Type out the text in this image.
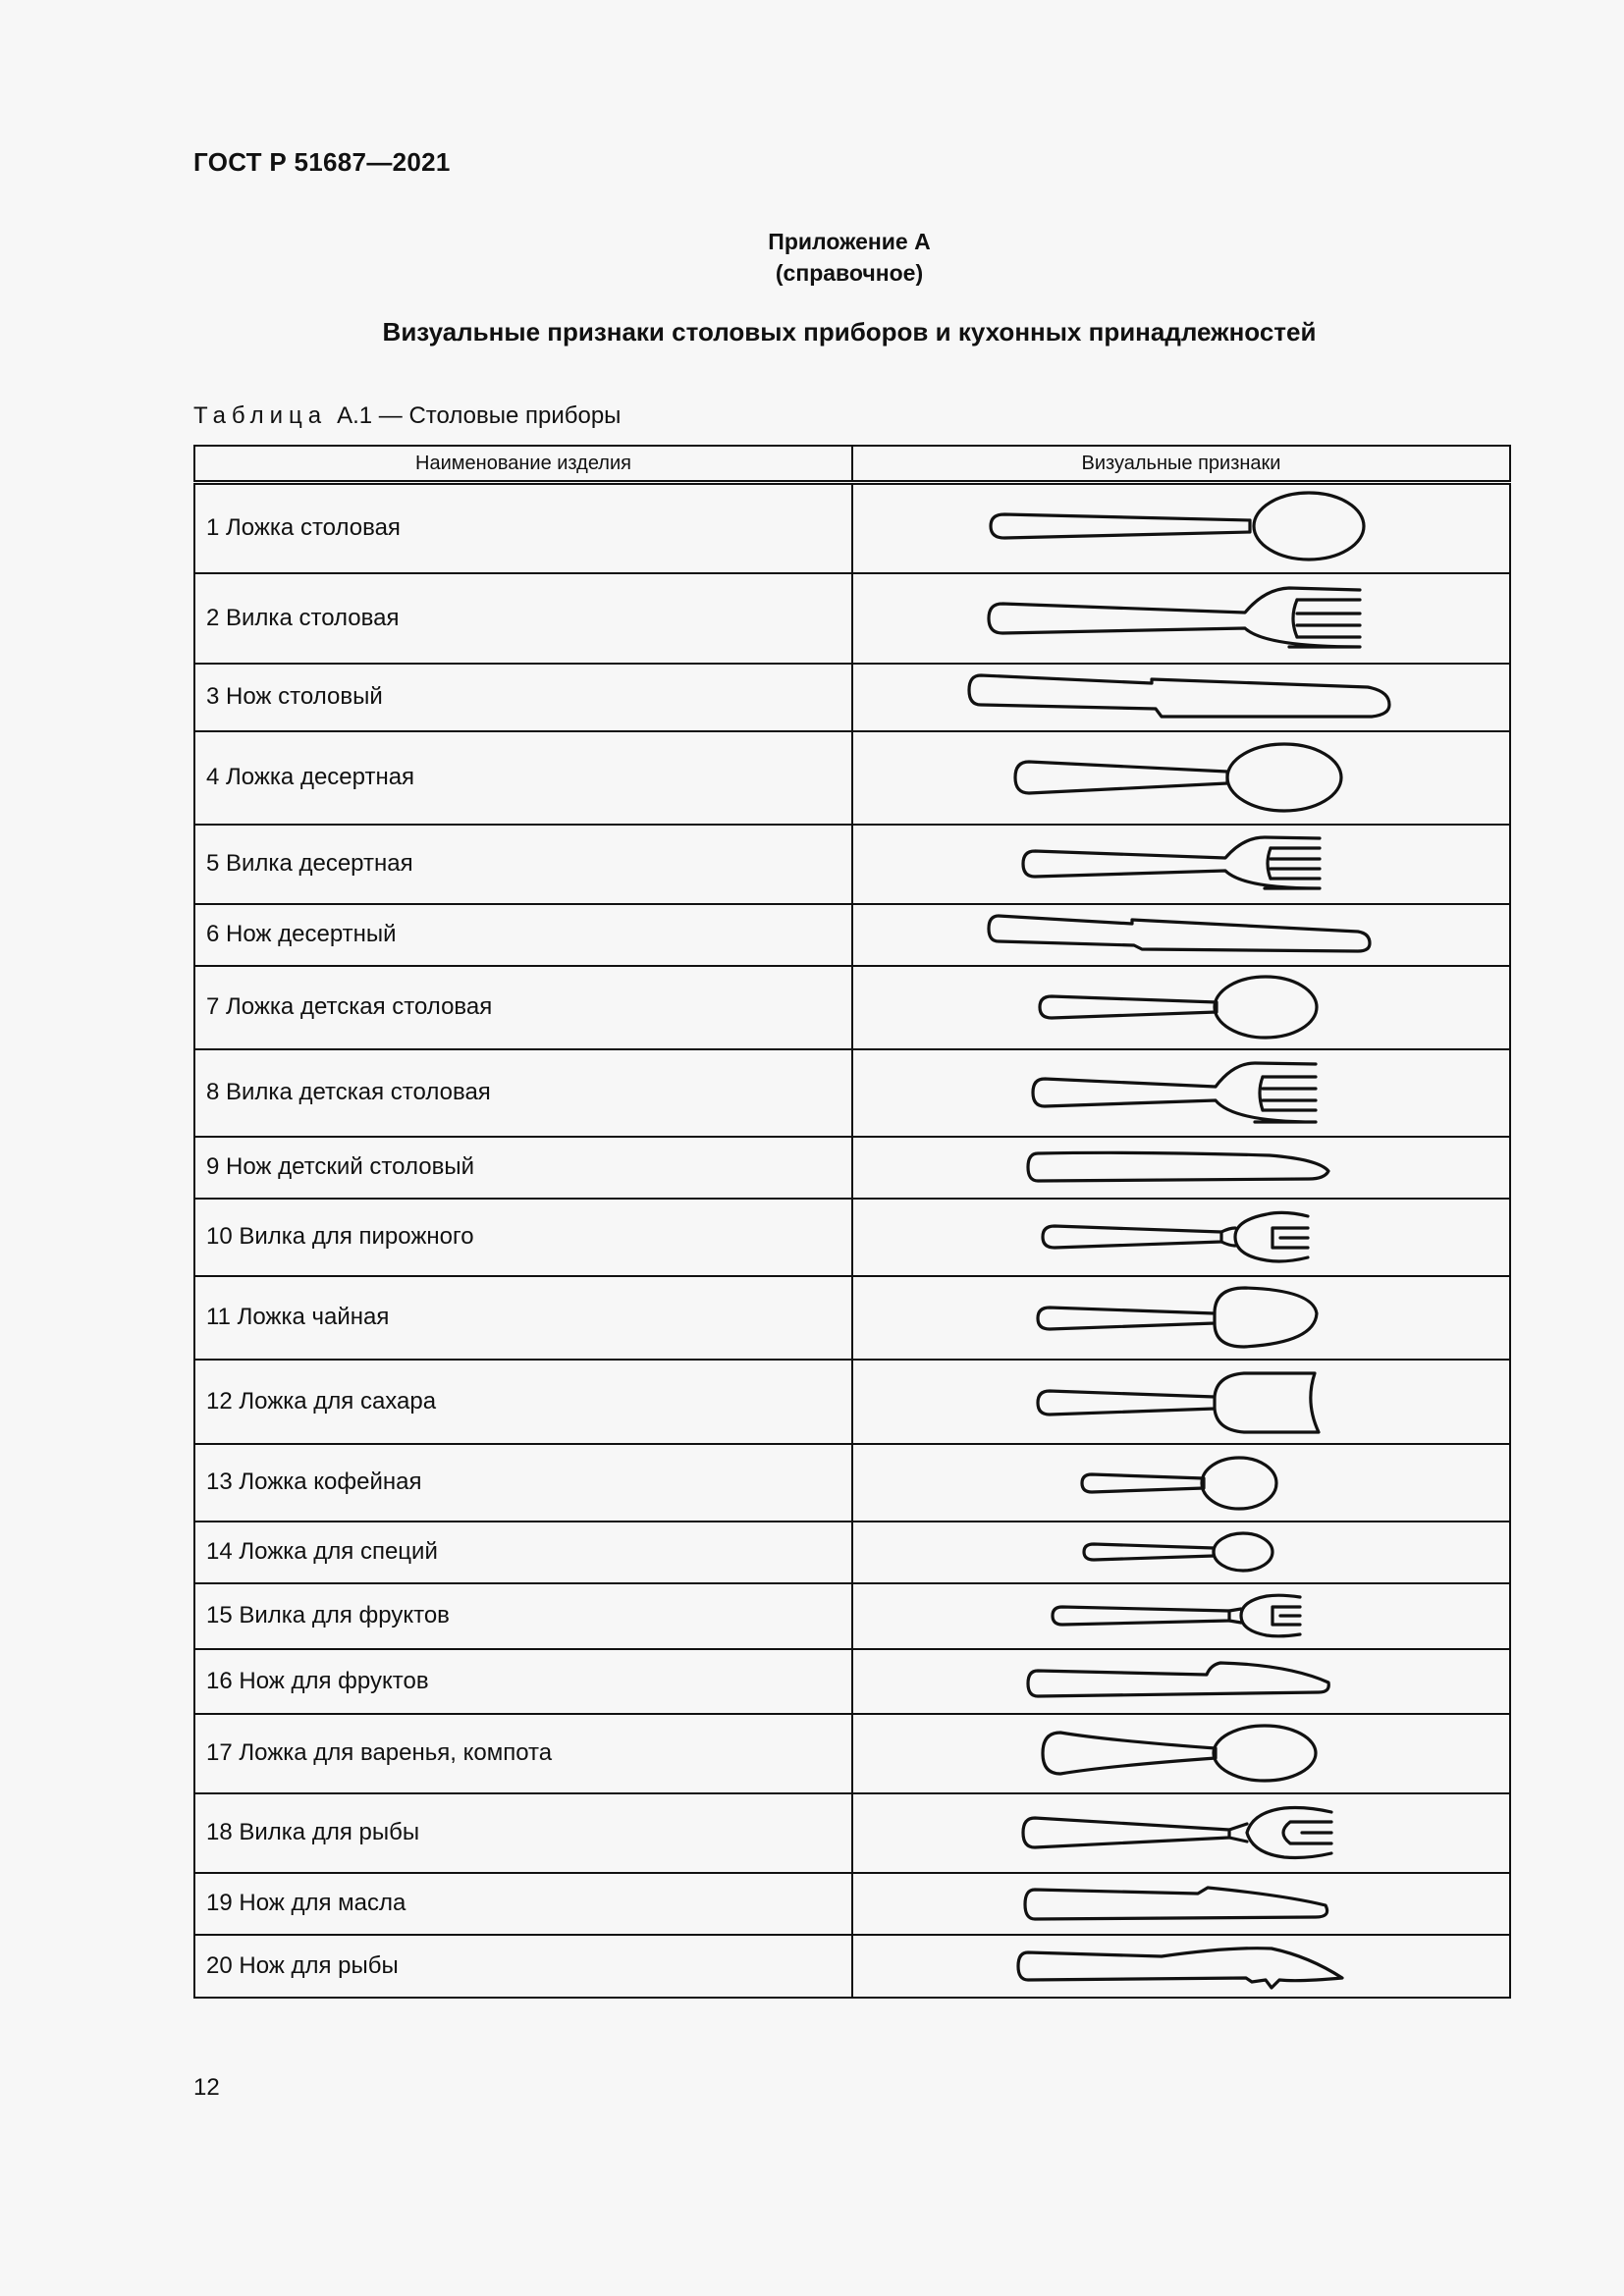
ГОСТ Р 51687—2021
Приложение А
(справочное)
Визуальные признаки столовых приборов и кухонных принадлежностей
Таблица А.1 — Столовые приборы
Наименование изделия	Визуальные признаки
1 Ложка столовая	

2 Вилка столовая	

3 Нож столовый	

4 Ложка десертная	

5 Вилка десертная	

6 Нож десертный	

7 Ложка детская столовая	

8 Вилка детская столовая	

9 Нож детский столовый	

10 Вилка для пирожного	

11 Ложка чайная	

12 Ложка для сахара	

13 Ложка кофейная	

14 Ложка для специй	

15 Вилка для фруктов	

16 Нож для фруктов	

17 Ложка для варенья, компота	

18 Вилка для рыбы	

19 Нож для масла	

20 Нож для рыбы	
12
